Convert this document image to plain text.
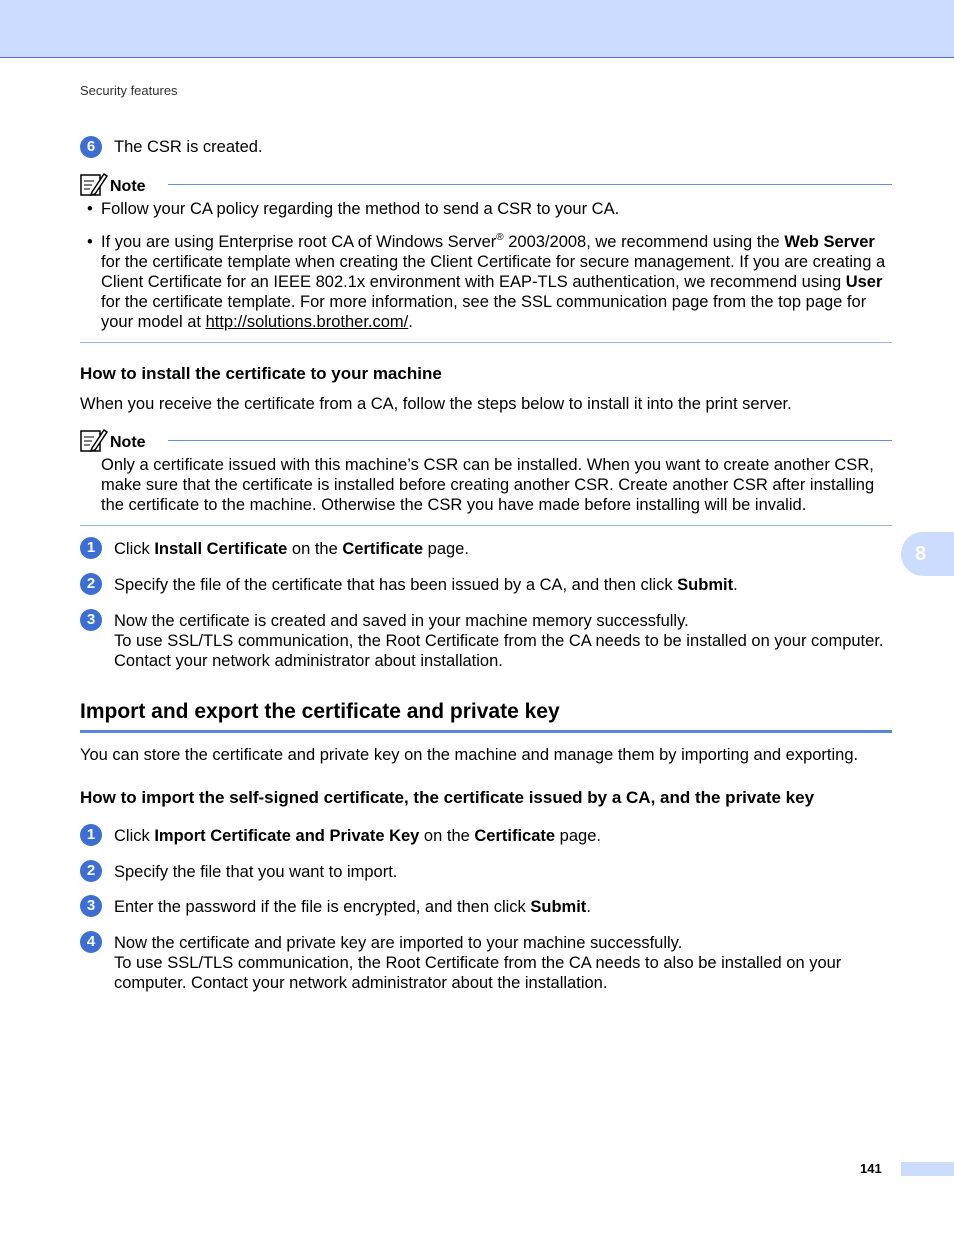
Security features
6	The CSR is created.
Note
• Follow your CA policy regarding the method to send a CSR to your CA.
• If you are using Enterprise root CA of Windows Server® 2003/2008, we recommend using the Web Server for the certificate template when creating the Client Certificate for secure management. If you are creating a Client Certificate for an IEEE 802.1x environment with EAP-TLS authentication, we recommend using User for the certificate template. For more information, see the SSL communication page from the top page for your model at http://solutions.brother.com/.
How to install the certificate to your machine
When you receive the certificate from a CA, follow the steps below to install it into the print server.
Note
Only a certificate issued with this machine’s CSR can be installed. When you want to create another CSR, make sure that the certificate is installed before creating another CSR. Create another CSR after installing the certificate to the machine. Otherwise the CSR you have made before installing will be invalid.
1	Click Install Certificate on the Certificate page.
2	Specify the file of the certificate that has been issued by a CA, and then click Submit.
3	Now the certificate is created and saved in your machine memory successfully.
To use SSL/TLS communication, the Root Certificate from the CA needs to be installed on your computer. Contact your network administrator about installation.
8
Import and export the certificate and private key
You can store the certificate and private key on the machine and manage them by importing and exporting.
How to import the self-signed certificate, the certificate issued by a CA, and the private key
1	Click Import Certificate and Private Key on the Certificate page.
2	Specify the file that you want to import.
3	Enter the password if the file is encrypted, and then click Submit.
4	Now the certificate and private key are imported to your machine successfully.
To use SSL/TLS communication, the Root Certificate from the CA needs to also be installed on your computer. Contact your network administrator about the installation.
141
